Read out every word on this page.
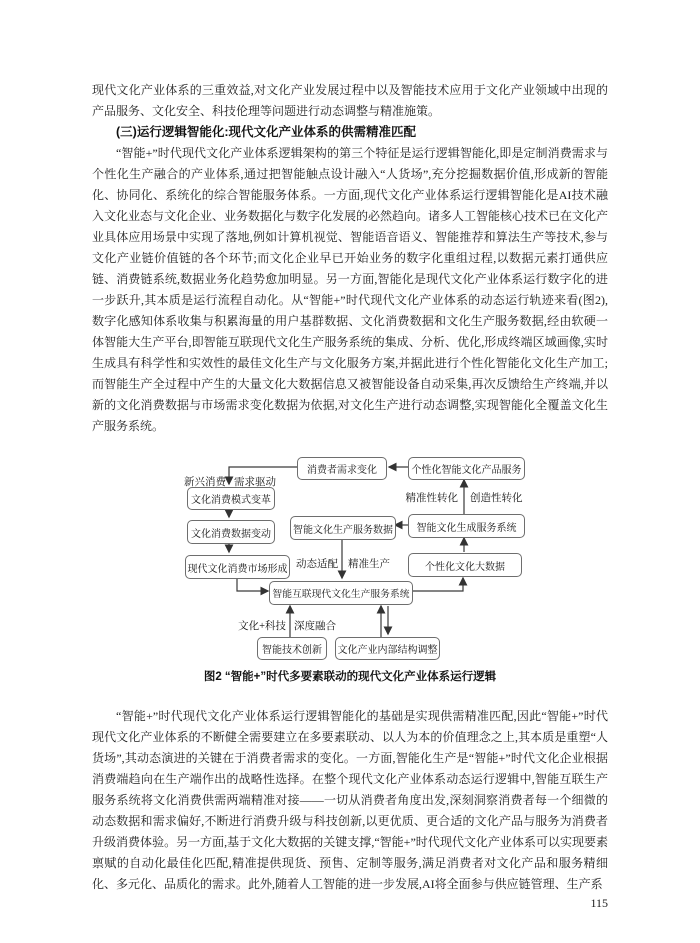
现代文化产业体系的三重效益,对文化产业发展过程中以及智能技术应用于文化产业领域中出现的产品服务、文化安全、科技伦理等问题进行动态调整与精准施策。

(三)运行逻辑智能化:现代文化产业体系的供需精准匹配

“智能+”时代现代文化产业体系逻辑架构的第三个特征是运行逻辑智能化,即是定制消费需求与个性化生产融合的产业体系,通过把智能触点设计融入“人货场”,充分挖掘数据价值,形成新的智能化、协同化、系统化的综合智能服务体系。一方面,现代文化产业体系运行逻辑智能化是AI技术融入文化业态与文化企业、业务数据化与数字化发展的必然趋向。诸多人工智能核心技术已在文化产业具体应用场景中实现了落地,例如计算机视觉、智能语音语义、智能推荐和算法生产等技术,参与文化产业链价值链的各个环节;而文化企业早已开始业务的数字化重组过程,以数据元素打通供应链、消费链系统,数据业务化趋势愈加明显。另一方面,智能化是现代文化产业体系运行数字化的进一步跃升,其本质是运行流程自动化。从“智能+”时代现代文化产业体系的动态运行轨迹来看(图2),数字化感知体系收集与积累海量的用户基群数据、文化消费数据和文化生产服务数据,经由软硬一体智能大生产平台,即智能互联现代文化生产服务系统的集成、分析、优化,形成终端区域画像,实时生成具有科学性和实效性的最佳文化生产与文化服务方案,并据此进行个性化智能化文化生产加工;而智能生产全过程中产生的大量文化大数据信息又被智能设备自动采集,再次反馈给生产终端,并以新的文化消费数据与市场需求变化数据为依据,对文化生产进行动态调整,实现智能化全覆盖文化生产服务系统。

消费者需求变化	个性化智能文化产品服务
文化消费模式变革
智能文化生产服务数据	智能文化生成服务系统
文化消费数据变动
现代文化消费市场形成	个性化文化大数据
智能互联现代文化生产服务系统
智能技术创新	文化产业内部结构调整
新兴消费 需求驱动
精准性转化 创造性转化
动态适配 精准生产
文化+科技 深度融合

图2 “智能+”时代多要素联动的现代文化产业体系运行逻辑

“智能+”时代现代文化产业体系运行逻辑智能化的基础是实现供需精准匹配,因此“智能+”时代现代文化产业体系的不断健全需要建立在多要素联动、以人为本的价值理念之上,其本质是重塑“人货场”,其动态演进的关键在于消费者需求的变化。一方面,智能化生产是“智能+”时代文化企业根据消费端趋向在生产端作出的战略性选择。在整个现代文化产业体系动态运行逻辑中,智能互联生产服务系统将文化消费供需两端精准对接——一切从消费者角度出发,深刻洞察消费者每一个细微的动态数据和需求偏好,不断进行消费升级与科技创新,以更优质、更合适的文化产品与服务为消费者升级消费体验。另一方面,基于文化大数据的关键支撑,“智能+”时代现代文化产业体系可以实现要素禀赋的自动化最佳化匹配,精准提供现货、预售、定制等服务,满足消费者对文化产品和服务精细化、多元化、品质化的需求。此外,随着人工智能的进一步发展,AI将全面参与供应链管理、生产系

115
